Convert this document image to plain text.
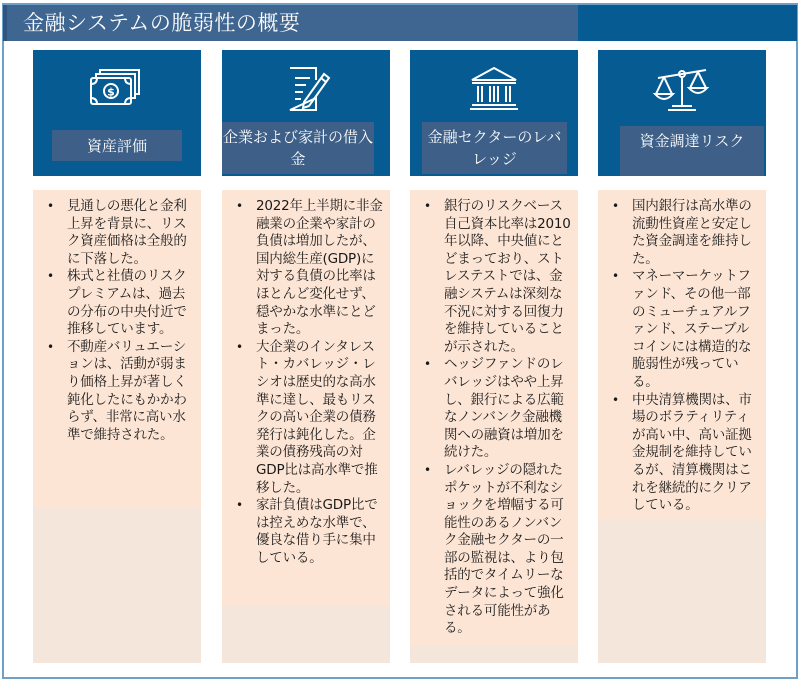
金融システムの脆弱性の概要
$
資産評価
• 見通しの悪化と金利上昇を背景に、リスク資産価格は全般的に下落した。
• 株式と社債のリスクプレミアムは、過去の分布の中央付近で推移しています。
• 不動産バリュエーションは、活動が弱まり価格上昇が著しく鈍化したにもかかわらず、非常に高い水準で維持された。
企業および家計の借入金
• 2022年上半期に非金融業の企業や家計の負債は増加したが、国内総生産(GDP)に対する負債の比率はほとんど変化せず、穏やかな水準にとどまった。
• 大企業のインタレスト・カバレッジ・レシオは歴史的な高水準に達し、最もリスクの高い企業の債務発行は鈍化した。企業の債務残高の対GDP比は高水準で推移した。
• 家計負債はGDP比では控えめな水準で、優良な借り手に集中している。
金融セクターのレバレッジ
• 銀行のリスクベース自己資本比率は2010年以降、中央値にとどまっており、ストレステストでは、金融システムは深刻な不況に対する回復力を維持していることが示された。
• ヘッジファンドのレバレッジはやや上昇し、銀行による広範なノンバンク金融機関への融資は増加を続けた。
• レバレッジの隠れたポケットが不利なショックを増幅する可能性のあるノンバンク金融セクターの一部の監視は、より包括的でタイムリーなデータによって強化される可能性がある。
資金調達リスク
• 国内銀行は高水準の流動性資産と安定した資金調達を維持した。
• マネーマーケットファンド、その他一部のミューチュアルファンド、ステーブルコインには構造的な脆弱性が残っている。
• 中央清算機関は、市場のボラティリティが高い中、高い証拠金規制を維持しているが、清算機関はこれを継続的にクリアしている。
